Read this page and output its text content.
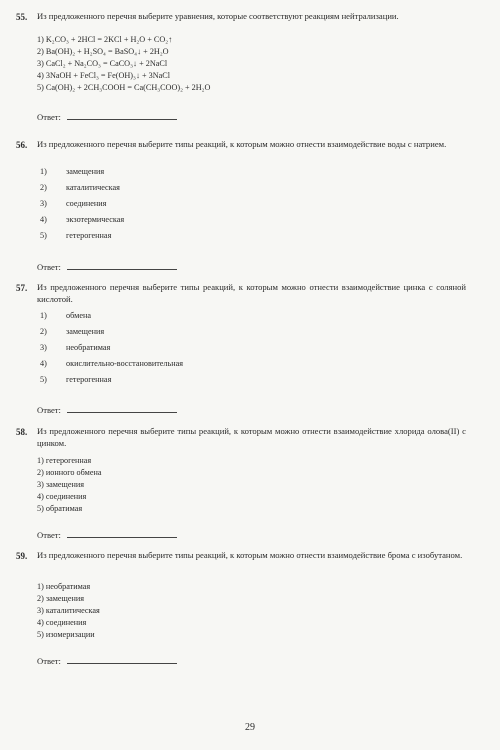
55. Из предложенного перечня выберите уравнения, которые соответствуют реакциям нейтрализации.
1) K₂CO₃ + 2HCl = 2KCl + H₂O + CO₂↑
2) Ba(OH)₂ + H₂SO₄ = BaSO₄↓ + 2H₂O
3) CaCl₂ + Na₂CO₃ = CaCO₃↓ + 2NaCl
4) 3NaOH + FeCl₃ = Fe(OH)₃↓ + 3NaCl
5) Ca(OH)₂ + 2CH₃COOH = Ca(CH₃COO)₂ + 2H₂O
Ответ:
56. Из предложенного перечня выберите типы реакций, к которым можно отнести взаимодействие воды с натрием.
1) замещения
2) каталитическая
3) соединения
4) экзотермическая
5) гетерогенная
Ответ:
57. Из предложенного перечня выберите типы реакций, к которым можно отнести взаимодействие цинка с соляной кислотой.
1) обмена
2) замещения
3) необратимая
4) окислительно-восстановительная
5) гетерогенная
Ответ:
58. Из предложенного перечня выберите типы реакций, к которым можно отнести взаимодействие хлорида олова(II) с цинком.
1) гетерогенная
2) ионного обмена
3) замещения
4) соединения
5) обратимая
Ответ:
59. Из предложенного перечня выберите типы реакций, к которым можно отнести взаимодействие брома с изобутаном.
1) необратимая
2) замещения
3) каталитическая
4) соединения
5) изомеризации
Ответ:
29
